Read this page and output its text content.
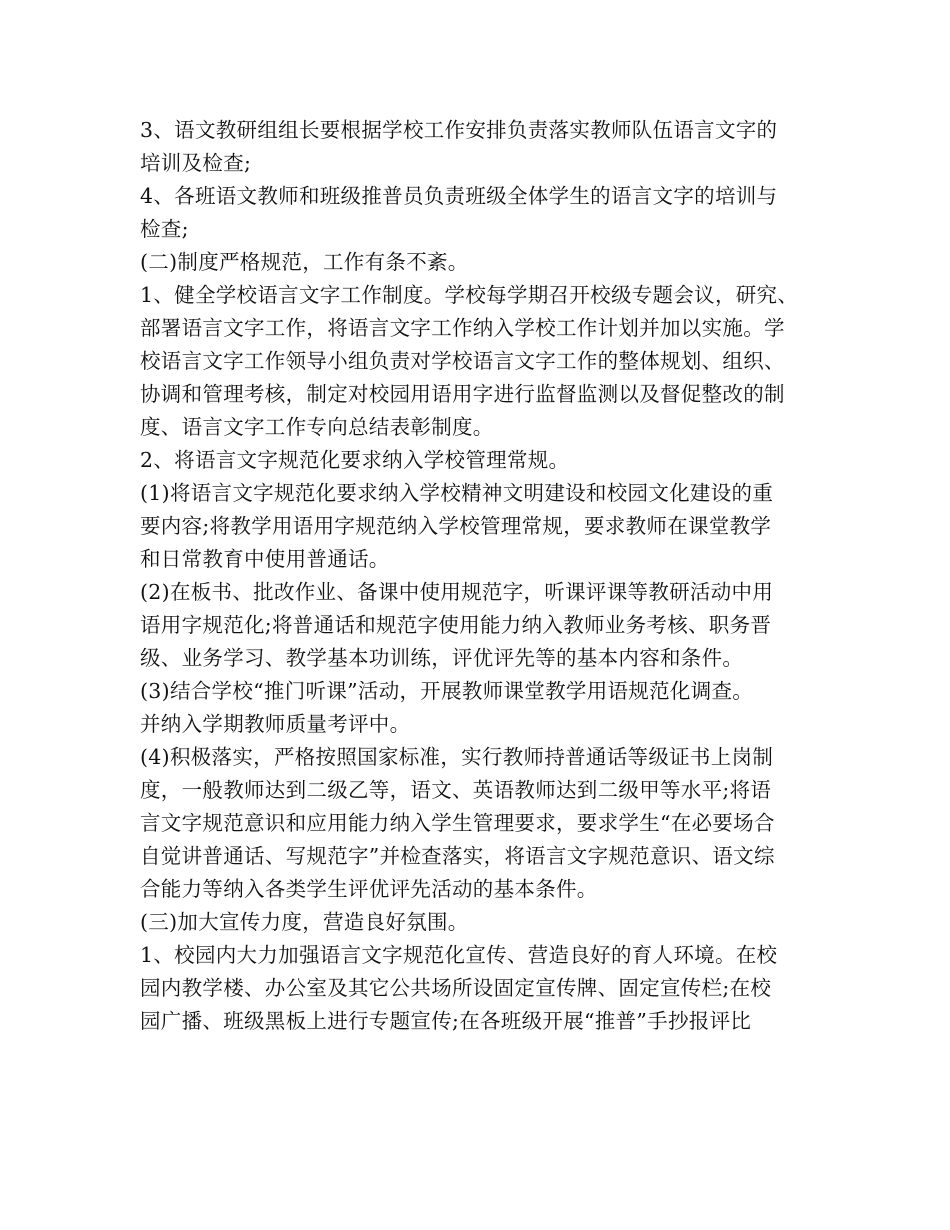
3、语文教研组组长要根据学校工作安排负责落实教师队伍语言文字的
培训及检查;
4、各班语文教师和班级推普员负责班级全体学生的语言文字的培训与
检查;
(二)制度严格规范，工作有条不紊。
1、健全学校语言文字工作制度。学校每学期召开校级专题会议，研究、
部署语言文字工作，将语言文字工作纳入学校工作计划并加以实施。学
校语言文字工作领导小组负责对学校语言文字工作的整体规划、组织、
协调和管理考核，制定对校园用语用字进行监督监测以及督促整改的制
度、语言文字工作专向总结表彰制度。
2、将语言文字规范化要求纳入学校管理常规。
(1)将语言文字规范化要求纳入学校精神文明建设和校园文化建设的重
要内容;将教学用语用字规范纳入学校管理常规，要求教师在课堂教学
和日常教育中使用普通话。
(2)在板书、批改作业、备课中使用规范字，听课评课等教研活动中用
语用字规范化;将普通话和规范字使用能力纳入教师业务考核、职务晋
级、业务学习、教学基本功训练，评优评先等的基本内容和条件。
(3)结合学校“推门听课”活动，开展教师课堂教学用语规范化调查。
并纳入学期教师质量考评中。
(4)积极落实，严格按照国家标准，实行教师持普通话等级证书上岗制
度，一般教师达到二级乙等，语文、英语教师达到二级甲等水平;将语
言文字规范意识和应用能力纳入学生管理要求，要求学生“在必要场合
自觉讲普通话、写规范字”并检查落实，将语言文字规范意识、语文综
合能力等纳入各类学生评优评先活动的基本条件。
(三)加大宣传力度，营造良好氛围。
1、校园内大力加强语言文字规范化宣传、营造良好的育人环境。在校
园内教学楼、办公室及其它公共场所设固定宣传牌、固定宣传栏;在校
园广播、班级黑板上进行专题宣传;在各班级开展“推普”手抄报评比
